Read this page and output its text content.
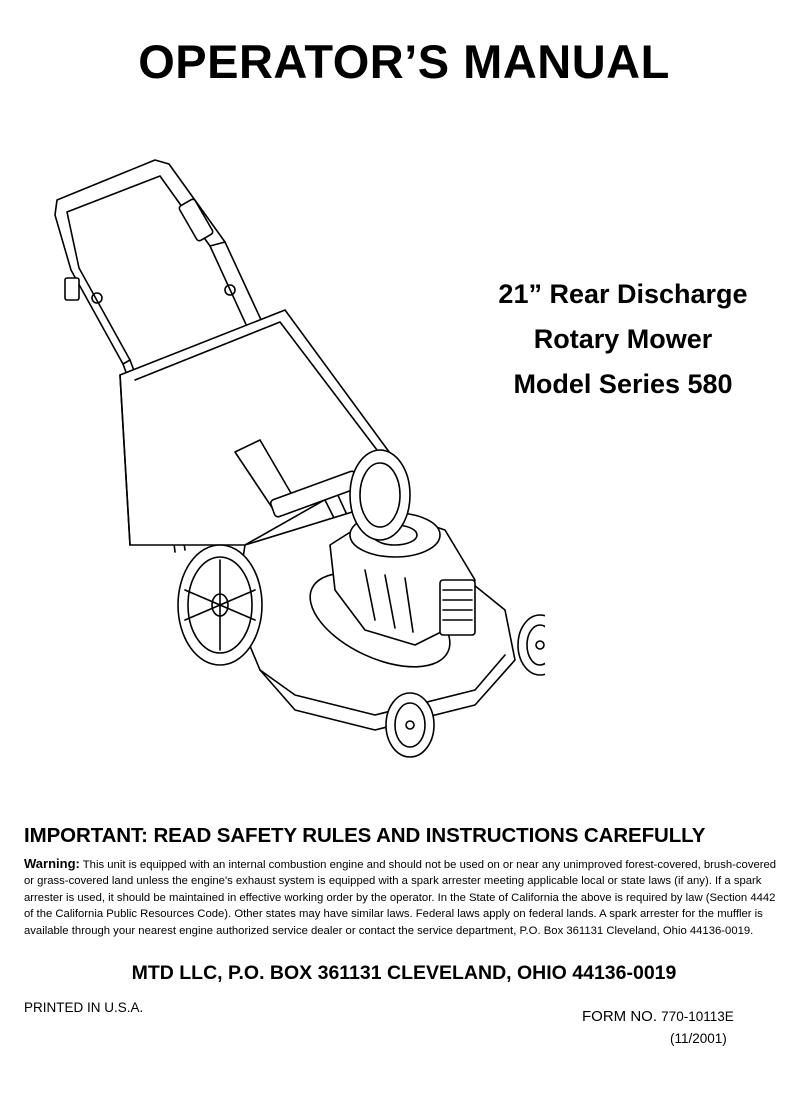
OPERATOR’S MANUAL
21” Rear Discharge
Rotary Mower
Model Series 580
IMPORTANT: READ SAFETY RULES AND INSTRUCTIONS CAREFULLY
Warning: This unit is equipped with an internal combustion engine and should not be used on or near any unimproved forest-covered, brush-covered or grass-covered land unless the engine's exhaust system is equipped with a spark arrester meeting applicable local or state laws (if any). If a spark arrester is used, it should be maintained in effective working order by the operator. In the State of California the above is required by law (Section 4442 of the California Public Resources Code). Other states may have similar laws. Federal laws apply on federal lands. A spark arrester for the muffler is available through your nearest engine authorized service dealer or contact the service department, P.O. Box 361131 Cleveland, Ohio 44136-0019.
MTD LLC, P.O. BOX 361131 CLEVELAND, OHIO 44136-0019
PRINTED IN U.S.A.
FORM NO. 770-10113E
(11/2001)
